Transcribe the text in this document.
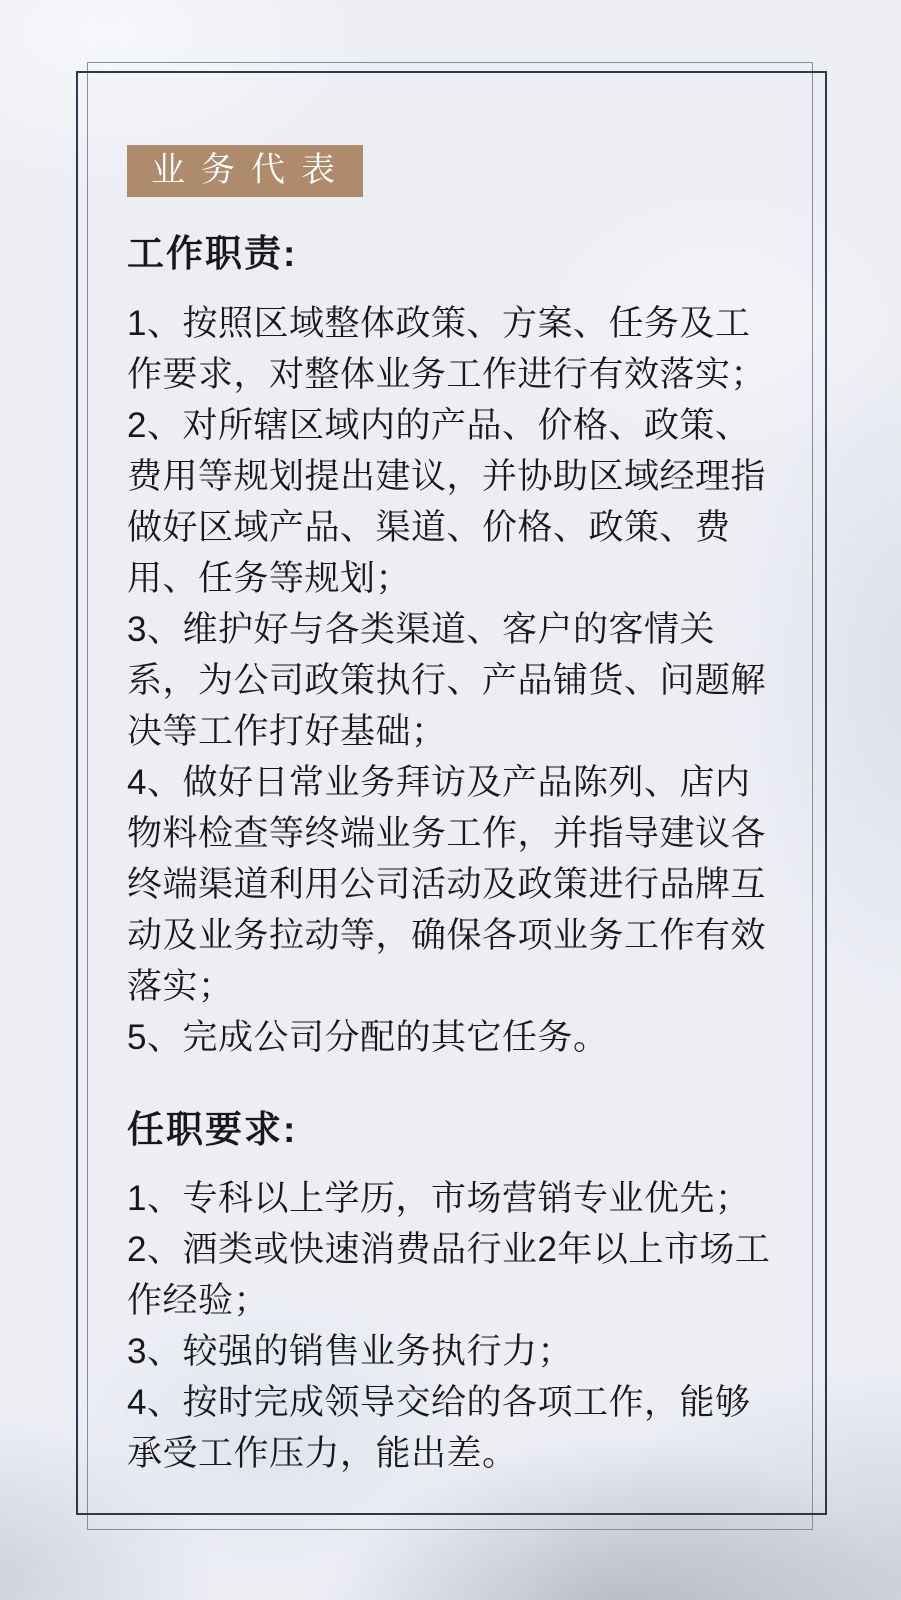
业务代表
工作职责:

1、按照区域整体政策、方案、任务及工作要求，对整体业务工作进行有效落实；

2、对所辖区域内的产品、价格、政策、费用等规划提出建议，并协助区域经理指做好区域产品、渠道、价格、政策、费用、任务等规划；

3、维护好与各类渠道、客户的客情关系，为公司政策执行、产品铺货、问题解决等工作打好基础；

4、做好日常业务拜访及产品陈列、店内物料检查等终端业务工作，并指导建议各终端渠道利用公司活动及政策进行品牌互动及业务拉动等，确保各项业务工作有效落实；

5、完成公司分配的其它任务。

任职要求:

1、专科以上学历，市场营销专业优先；

2、酒类或快速消费品行业2年以上市场工作经验；

3、较强的销售业务执行力；

4、按时完成领导交给的各项工作，能够承受工作压力，能出差。
